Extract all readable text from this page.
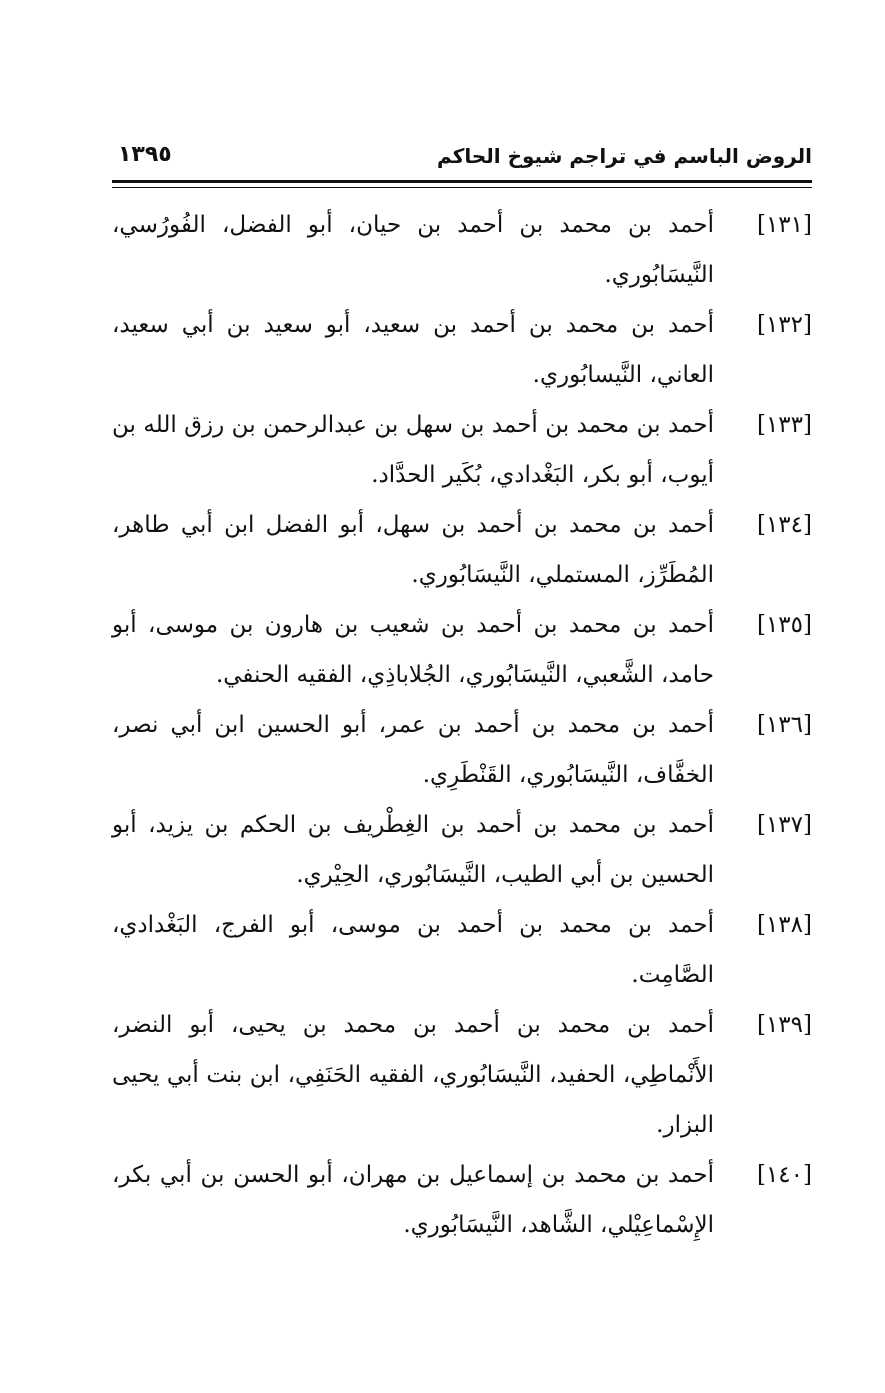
الروض الباسم في تراجم شيوخ الحاكم
١٣٩٥
[١٣١]
أحمد بن محمد بن أحمد بن حيان، أبو الفضل، الفُورُسي، النَّيسَابُوري.
[١٣٢]
أحمد بن محمد بن أحمد بن سعيد، أبو سعيد بن أبي سعيد، العاني، النَّيسابُوري.
[١٣٣]
أحمد بن محمد بن أحمد بن سهل بن عبدالرحمن بن رزق الله بن أيوب، أبو بكر، البَغْدادي، بُكَير الحدَّاد.
[١٣٤]
أحمد بن محمد بن أحمد بن سهل، أبو الفضل ابن أبي طاهر، المُطَرِّز، المستملي، النَّيسَابُوري.
[١٣٥]
أحمد بن محمد بن أحمد بن شعيب بن هارون بن موسى، أبو حامد، الشَّعبي، النَّيسَابُوري، الجُلاباذِي، الفقيه الحنفي.
[١٣٦]
أحمد بن محمد بن أحمد بن عمر، أبو الحسين ابن أبي نصر، الخفَّاف، النَّيسَابُوري، القَنْطَرِي.
[١٣٧]
أحمد بن محمد بن أحمد بن الغِطْريف بن الحكم بن يزيد، أبو الحسين بن أبي الطيب، النَّيسَابُوري، الحِيْري.
[١٣٨]
أحمد بن محمد بن أحمد بن موسى، أبو الفرج، البَغْدادي، الصَّامِت.
[١٣٩]
أحمد بن محمد بن أحمد بن محمد بن يحيى، أبو النضر، الأَنْماطِي، الحفيد، النَّيسَابُوري، الفقيه الحَنَفِي، ابن بنت أبي يحيى البزار.
[١٤٠]
أحمد بن محمد بن إسماعيل بن مهران، أبو الحسن بن أبي بكر، الإِسْماعِيْلي، الشَّاهد، النَّيسَابُوري.
